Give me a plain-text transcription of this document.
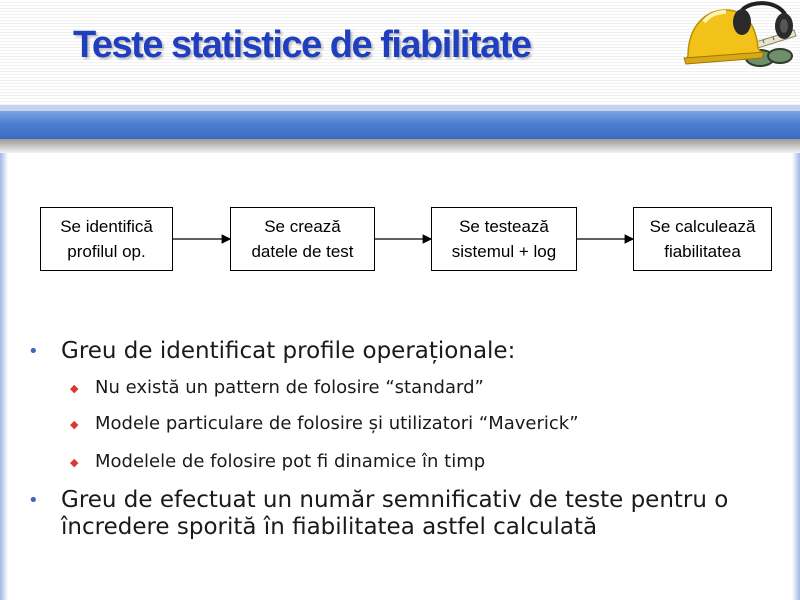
Teste statistice de fiabilitate
Se identifică
profilul op.
Se crează
datele de test
Se testează
sistemul + log
Se calculează
fiabilitatea
• Greu de identificat profile operaționale:
◆ Nu există un pattern de folosire “standard”
◆ Modele particulare de folosire și utilizatori “Maverick”
◆ Modelele de folosire pot fi dinamice în timp
• Greu de efectuat un număr semnificativ de teste pentru o încredere sporită în fiabilitatea astfel calculată
